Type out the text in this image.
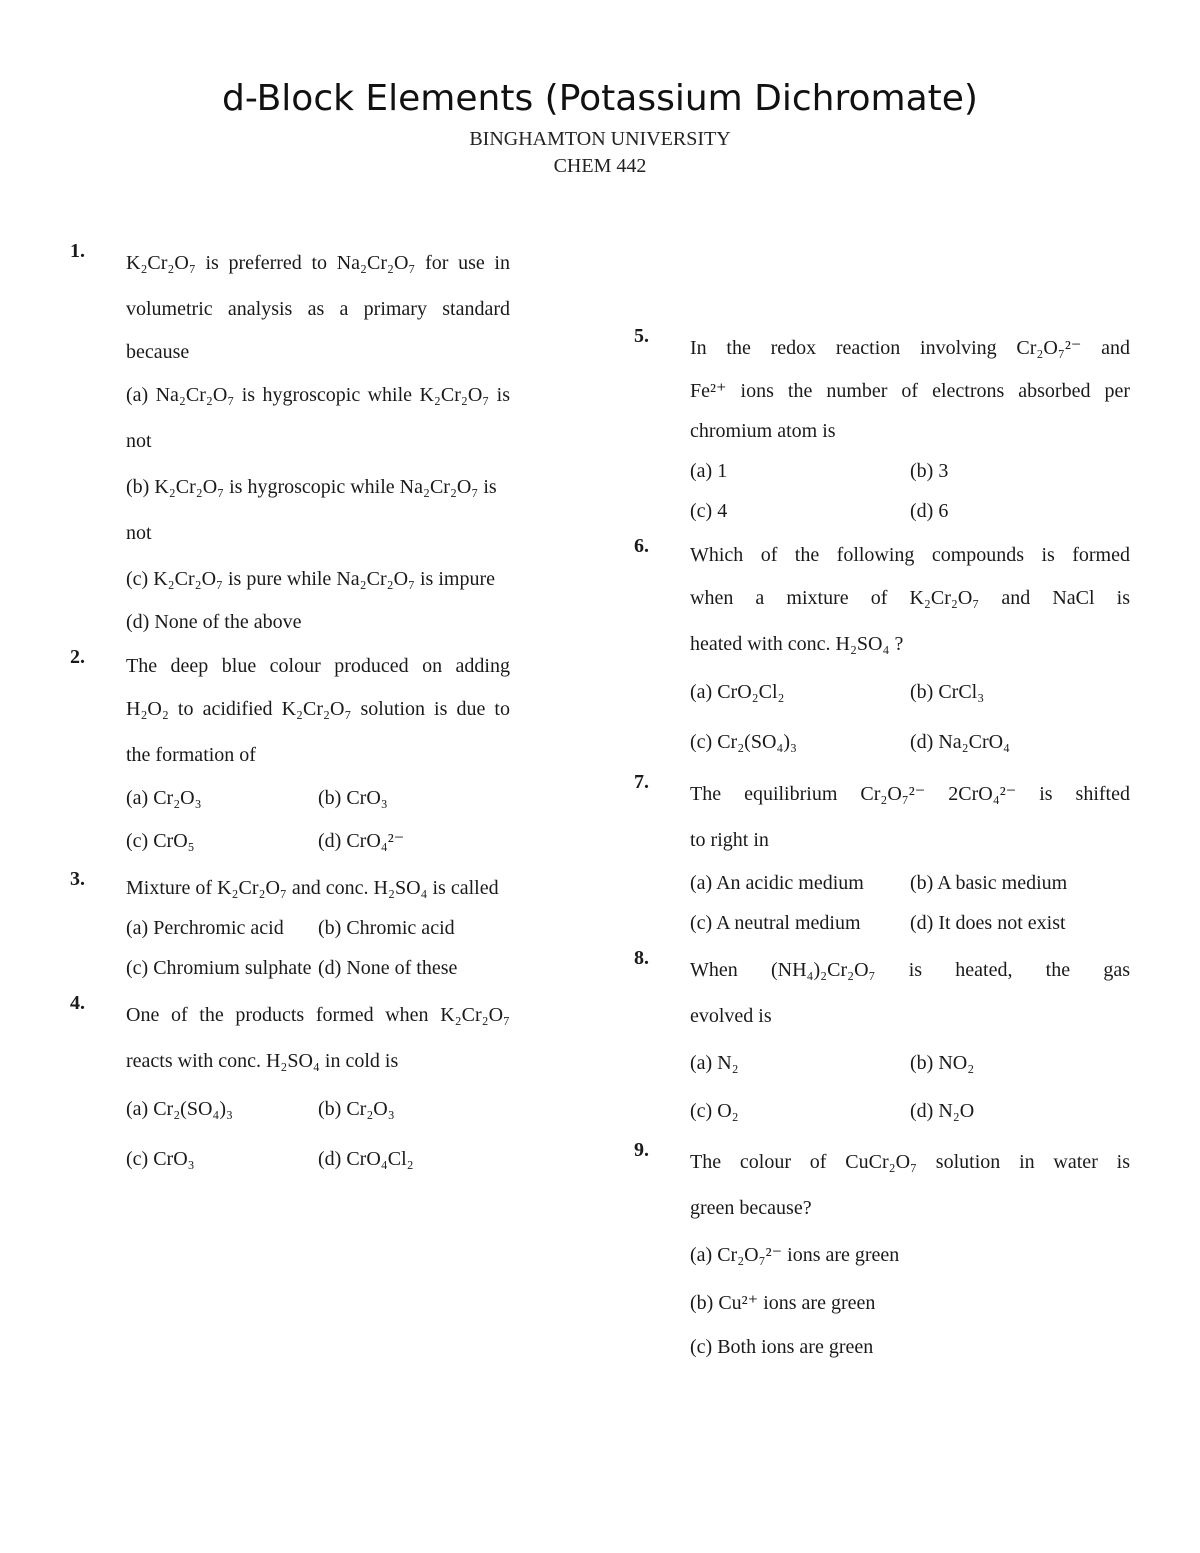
d-Block Elements (Potassium Dichromate)
BINGHAMTON UNIVERSITY
CHEM 442
1.

K₂Cr₂O₇ is preferred to Na₂Cr₂O₇ for use in

volumetric analysis as a primary standard

because

(a) Na₂Cr₂O₇ is hygroscopic while K₂Cr₂O₇ is not
(b) K₂Cr₂O₇ is hygroscopic while Na₂Cr₂O₇ is not
(c) K₂Cr₂O₇ is pure while Na₂Cr₂O₇ is impure
(d) None of the above
2. The deep blue colour produced on adding

H₂O₂ to acidified K₂Cr₂O₇ solution is due to

the formation of

(a) Cr₂O₃	(b) CrO₃
(c) CrO₅	(d) CrO₄²⁻
3. Mixture of K₂Cr₂O₇ and conc. H₂SO₄ is called

(a) Perchromic acid	(b) Chromic acid
(c) Chromium sulphate (d) None of these
4.

One of the products formed when K₂Cr₂O₇

reacts with conc. H₂SO₄ in cold is

(a) Cr₂(SO₄)₃	(b) Cr₂O₃
(c) CrO₃	(d) CrO₄Cl₂
5.

In the redox reaction involving Cr₂O₇²⁻ and

Fe²⁺ ions the number of electrons absorbed per

chromium atom is

(a) 1	(b) 3
(c) 4	(d) 6
6. Which of the following compounds is formed

when a mixture of K₂Cr₂O₇ and NaCl is

heated with conc. H₂SO₄ ?

(a) CrO₂Cl₂	(b) CrCl₃
(c) Cr₂(SO₄)₃	(d) Na₂CrO₄
7.

The equilibrium Cr₂O₇²⁻ 2CrO₄²⁻ is shifted

to right in

(a) An acidic medium	(b) A basic medium
(c) A neutral medium	(d) It does not exist
8.

When (NH₄)₂Cr₂O₇ is heated, the gas

evolved is

(a) N₂	(b) NO₂
(c) O₂	(d) N₂O
9.

The colour of CuCr₂O₇ solution in water is

green because?

(a) Cr₂O₇²⁻ ions are green
(b) Cu²⁺ ions are green
(c) Both ions are green
